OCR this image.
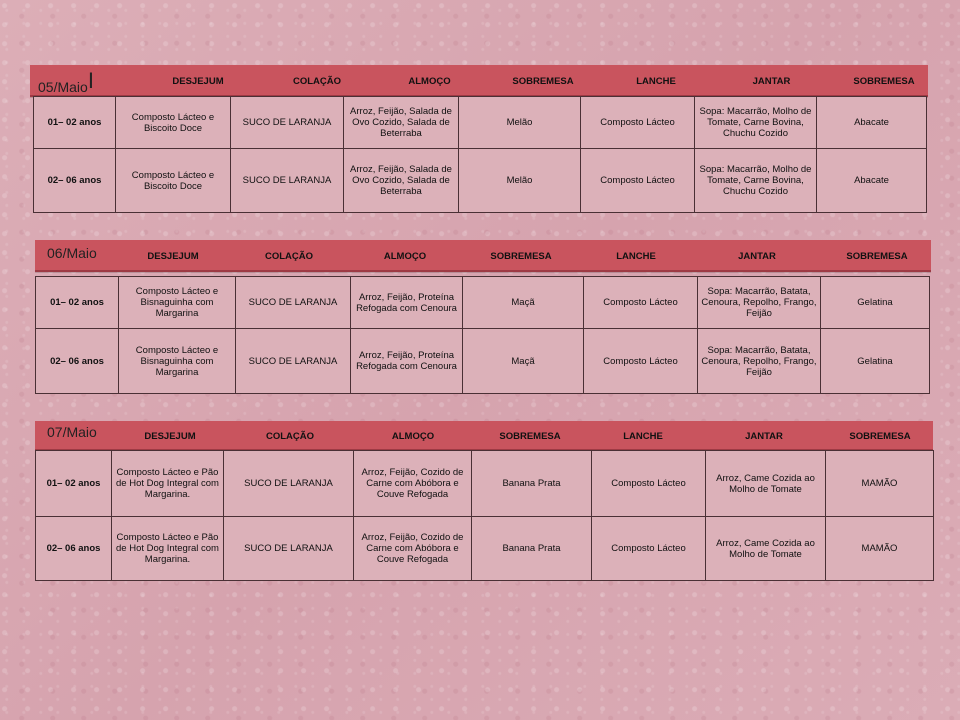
05/MaioI	DESJEJUM	COLAÇÃO	ALMOÇO	SOBREMESA	LANCHE	JANTAR	SOBREMESA
01– 02 anos	Composto Lácteo e Biscoito Doce	SUCO DE LARANJA	Arroz, Feijão, Salada de Ovo Cozido, Salada de Beterraba	Melão	Composto Lácteo	Sopa: Macarrão, Molho de Tomate, Carne Bovina, Chuchu Cozido	Abacate
02– 06 anos	Composto Lácteo e Biscoito Doce	SUCO DE LARANJA	Arroz, Feijão, Salada de Ovo Cozido, Salada de Beterraba	Melão	Composto Lácteo	Sopa: Macarrão, Molho de Tomate, Carne Bovina, Chuchu Cozido	Abacate
06/Maio	DESJEJUM	COLAÇÃO	ALMOÇO	SOBREMESA	LANCHE	JANTAR	SOBREMESA
01– 02 anos	Composto Lácteo e Bisnaguinha com Margarina	SUCO DE LARANJA	Arroz, Feijão, Proteína Refogada com Cenoura	Maçã	Composto Lácteo	Sopa: Macarrão, Batata, Cenoura, Repolho, Frango, Feijão	Gelatina
02– 06 anos	Composto Lácteo e Bisnaguinha com Margarina	SUCO DE LARANJA	Arroz, Feijão, Proteína Refogada com Cenoura	Maçã	Composto Lácteo	Sopa: Macarrão, Batata, Cenoura, Repolho, Frango, Feijão	Gelatina
07/Maio	DESJEJUM	COLAÇÃO	ALMOÇO	SOBREMESA	LANCHE	JANTAR	SOBREMESA
01– 02 anos	Composto Lácteo e Pão de Hot Dog Integral com Margarina.	SUCO DE LARANJA	Arroz, Feijão, Cozido de Carne com Abóbora e Couve Refogada	Banana Prata	Composto Lácteo	Arroz, Came Cozida ao Molho de Tomate	MAMÃO
02– 06 anos	Composto Lácteo e Pão de Hot Dog Integral com Margarina.	SUCO DE LARANJA	Arroz, Feijão, Cozido de Carne com Abóbora e Couve Refogada	Banana Prata	Composto Lácteo	Arroz, Came Cozida ao Molho de Tomate	MAMÃO
